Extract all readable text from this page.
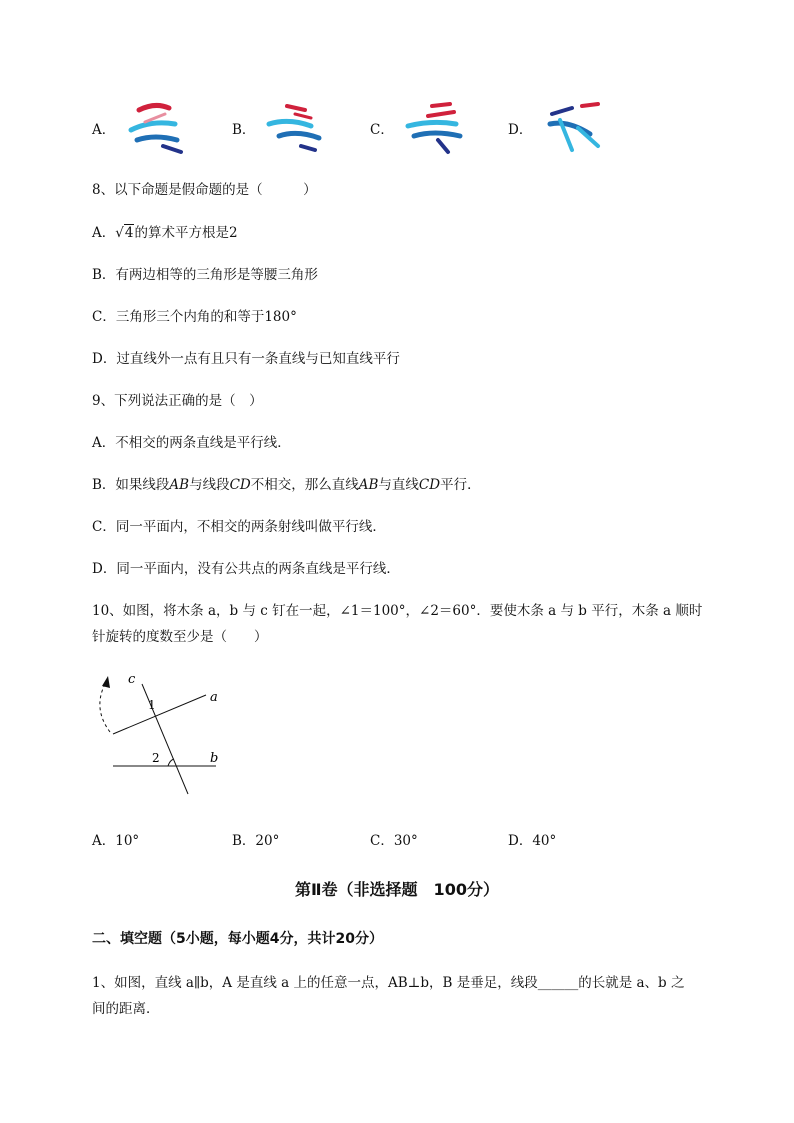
A．	B．	C．	D．
8、以下命题是假命题的是（　　　）
A．√4的算术平方根是2
B．有两边相等的三角形是等腰三角形
C．三角形三个内角的和等于180°
D．过直线外一点有且只有一条直线与已知直线平行
9、下列说法正确的是（　）
A．不相交的两条直线是平行线．
B．如果线段AB与线段CD不相交，那么直线AB与直线CD平行．
C．同一平面内，不相交的两条射线叫做平行线．
D．同一平面内，没有公共点的两条直线是平行线．
10、如图，将木条 a，b 与 c 钉在一起，∠1＝100°，∠2＝60°．要使木条 a 与 b 平行，木条 a 顺时
针旋转的度数至少是（　　）
c
a
b
1
2
A．10°	B．20°	C．30°	D．40°
第Ⅱ卷（非选择题　100分）
二、填空题（5小题，每小题4分，共计20分）
1、如图，直线 a∥b，A 是直线 a 上的任意一点，AB⊥b，B 是垂足，线段______的长就是 a、b 之
间的距离．
